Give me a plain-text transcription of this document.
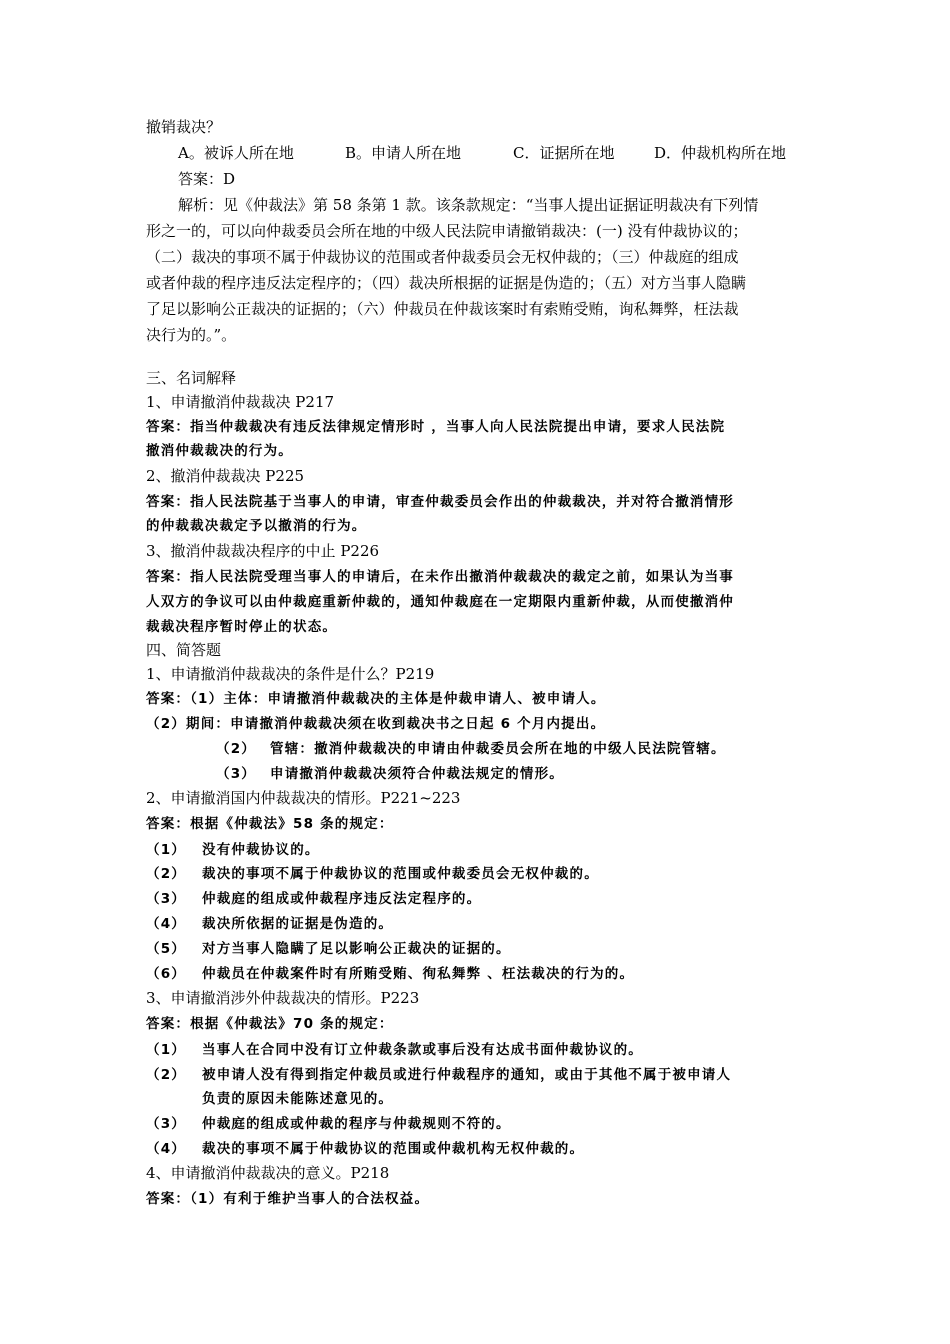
撤销裁决？
A。被诉人所在地	B。申请人所在地	C．证据所在地	D．仲裁机构所在地
答案：D
解析：见《仲裁法》第 58 条第 1 款。该条款规定：“当事人提出证据证明裁决有下列情
形之一的，可以向仲裁委员会所在地的中级人民法院申请撤销裁决：(一) 没有仲裁协议的；
（二）裁决的事项不属于仲裁协议的范围或者仲裁委员会无权仲裁的；（三）仲裁庭的组成
或者仲裁的程序违反法定程序的；（四）裁决所根据的证据是伪造的；（五）对方当事人隐瞒
了足以影响公正裁决的证据的；（六）仲裁员在仲裁该案时有索贿受贿，询私舞弊，枉法裁
决行为的。”。
三、名词解释
1、申请撤消仲裁裁决 P217
答案：指当仲裁裁决有违反法律规定情形时 ，当事人向人民法院提出申请，要求人民法院
撤消仲裁裁决的行为。
2、撤消仲裁裁决 P225
答案：指人民法院基于当事人的申请，审查仲裁委员会作出的仲裁裁决，并对符合撤消情形
的仲裁裁决裁定予以撤消的行为。
3、撤消仲裁裁决程序的中止 P226
答案：指人民法院受理当事人的申请后，在未作出撤消仲裁裁决的裁定之前，如果认为当事
人双方的争议可以由仲裁庭重新仲裁的，通知仲裁庭在一定期限内重新仲裁，从而使撤消仲
裁裁决程序暂时停止的状态。
四、简答题
1、申请撤消仲裁裁决的条件是什么？P219
答案：（1）主体：申请撤消仲裁裁决的主体是仲裁申请人、被申请人。
（2）期间：申请撤消仲裁裁决须在收到裁决书之日起 6 个月内提出。
（2） 管辖：撤消仲裁裁决的申请由仲裁委员会所在地的中级人民法院管辖。
（3） 申请撤消仲裁裁决须符合仲裁法规定的情形。
2、申请撤消国内仲裁裁决的情形。P221~223
答案：根据《仲裁法》58 条的规定：
（1） 没有仲裁协议的。
（2） 裁决的事项不属于仲裁协议的范围或仲裁委员会无权仲裁的。
（3） 仲裁庭的组成或仲裁程序违反法定程序的。
（4） 裁决所依据的证据是伪造的。
（5） 对方当事人隐瞒了足以影响公正裁决的证据的。
（6） 仲裁员在仲裁案件时有所贿受贿、徇私舞弊 、枉法裁决的行为的。
3、申请撤消涉外仲裁裁决的情形。P223
答案：根据《仲裁法》70 条的规定：
（1） 当事人在合同中没有订立仲裁条款或事后没有达成书面仲裁协议的。
（2） 被申请人没有得到指定仲裁员或进行仲裁程序的通知，或由于其他不属于被申请人
负责的原因未能陈述意见的。
（3） 仲裁庭的组成或仲裁的程序与仲裁规则不符的。
（4） 裁决的事项不属于仲裁协议的范围或仲裁机构无权仲裁的。
4、申请撤消仲裁裁决的意义。P218
答案：（1）有利于维护当事人的合法权益。
